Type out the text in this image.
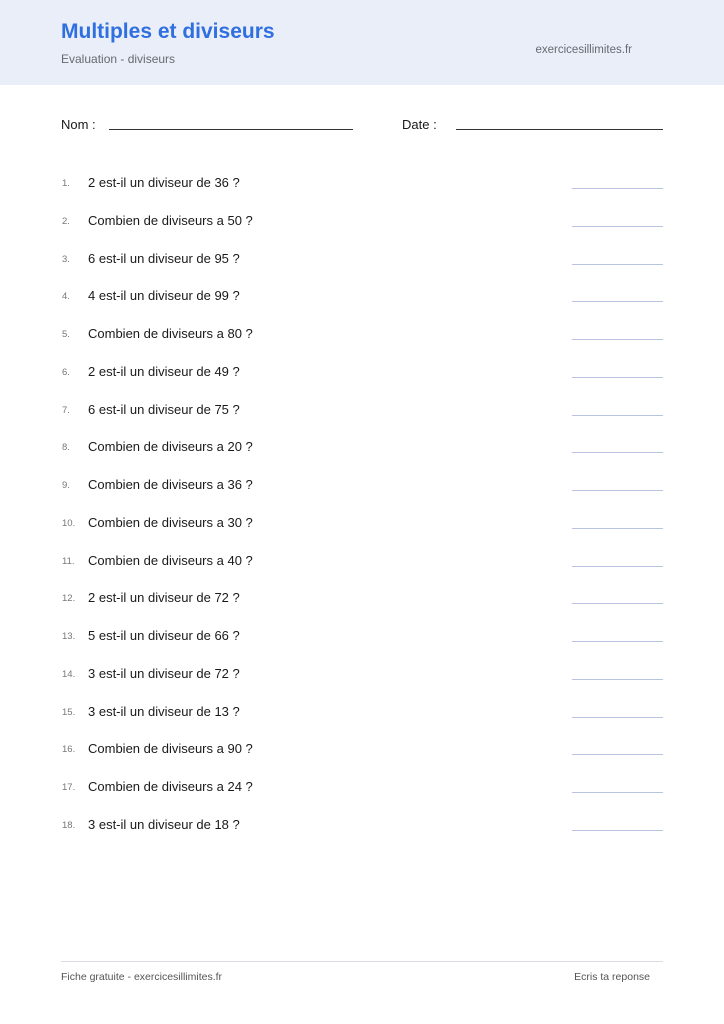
Multiples et diviseurs
Evaluation - diviseurs
exercicesillimites.fr
Nom :	Date :
1. 2 est-il un diviseur de 36 ?
2. Combien de diviseurs a 50 ?
3. 6 est-il un diviseur de 95 ?
4. 4 est-il un diviseur de 99 ?
5. Combien de diviseurs a 80 ?
6. 2 est-il un diviseur de 49 ?
7. 6 est-il un diviseur de 75 ?
8. Combien de diviseurs a 20 ?
9. Combien de diviseurs a 36 ?
10. Combien de diviseurs a 30 ?
11. Combien de diviseurs a 40 ?
12. 2 est-il un diviseur de 72 ?
13. 5 est-il un diviseur de 66 ?
14. 3 est-il un diviseur de 72 ?
15. 3 est-il un diviseur de 13 ?
16. Combien de diviseurs a 90 ?
17. Combien de diviseurs a 24 ?
18. 3 est-il un diviseur de 18 ?
Fiche gratuite - exercicesillimites.fr	Ecris ta reponse
